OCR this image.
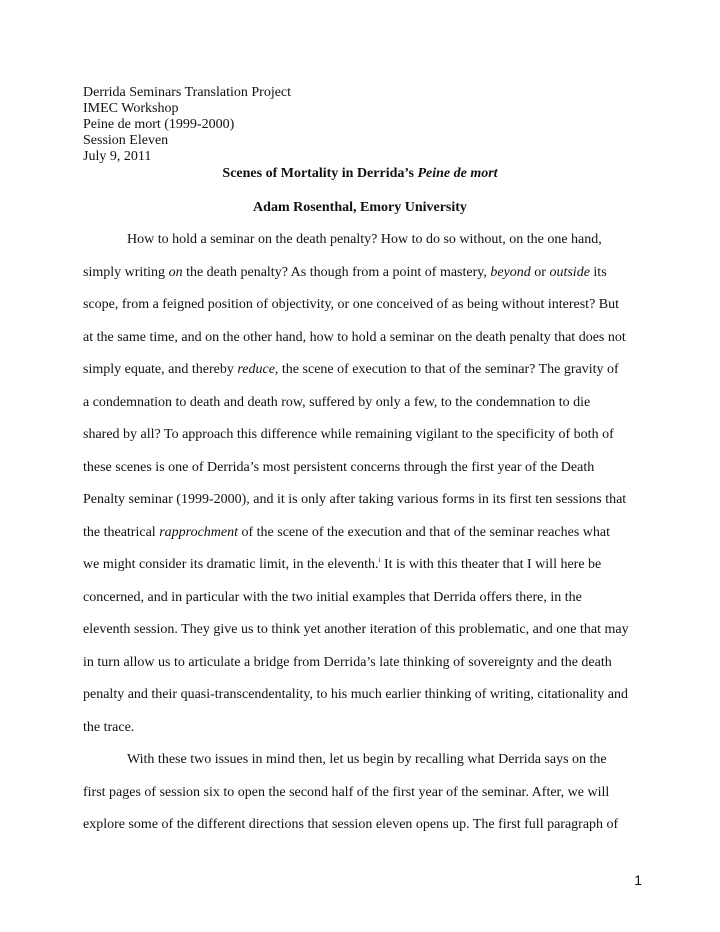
Derrida Seminars Translation Project
IMEC Workshop
Peine de mort (1999-2000)
Session Eleven
July 9, 2011
Scenes of Mortality in Derrida’s Peine de mort
Adam Rosenthal, Emory University
How to hold a seminar on the death penalty? How to do so without, on the one hand,
simply writing on the death penalty? As though from a point of mastery, beyond or outside its
scope, from a feigned position of objectivity, or one conceived of as being without interest? But
at the same time, and on the other hand, how to hold a seminar on the death penalty that does not
simply equate, and thereby reduce, the scene of execution to that of the seminar? The gravity of
a condemnation to death and death row, suffered by only a few, to the condemnation to die
shared by all? To approach this difference while remaining vigilant to the specificity of both of
these scenes is one of Derrida’s most persistent concerns through the first year of the Death
Penalty seminar (1999-2000), and it is only after taking various forms in its first ten sessions that
the theatrical rapprochment of the scene of the execution and that of the seminar reaches what
we might consider its dramatic limit, in the eleventh.$^i$ It is with this theater that I will here be
concerned, and in particular with the two initial examples that Derrida offers there, in the
eleventh session. They give us to think yet another iteration of this problematic, and one that may
in turn allow us to articulate a bridge from Derrida’s late thinking of sovereignty and the death
penalty and their quasi-transcendentality, to his much earlier thinking of writing, citationality and
the trace.
With these two issues in mind then, let us begin by recalling what Derrida says on the
first pages of session six to open the second half of the first year of the seminar. After, we will
explore some of the different directions that session eleven opens up. The first full paragraph of
1
